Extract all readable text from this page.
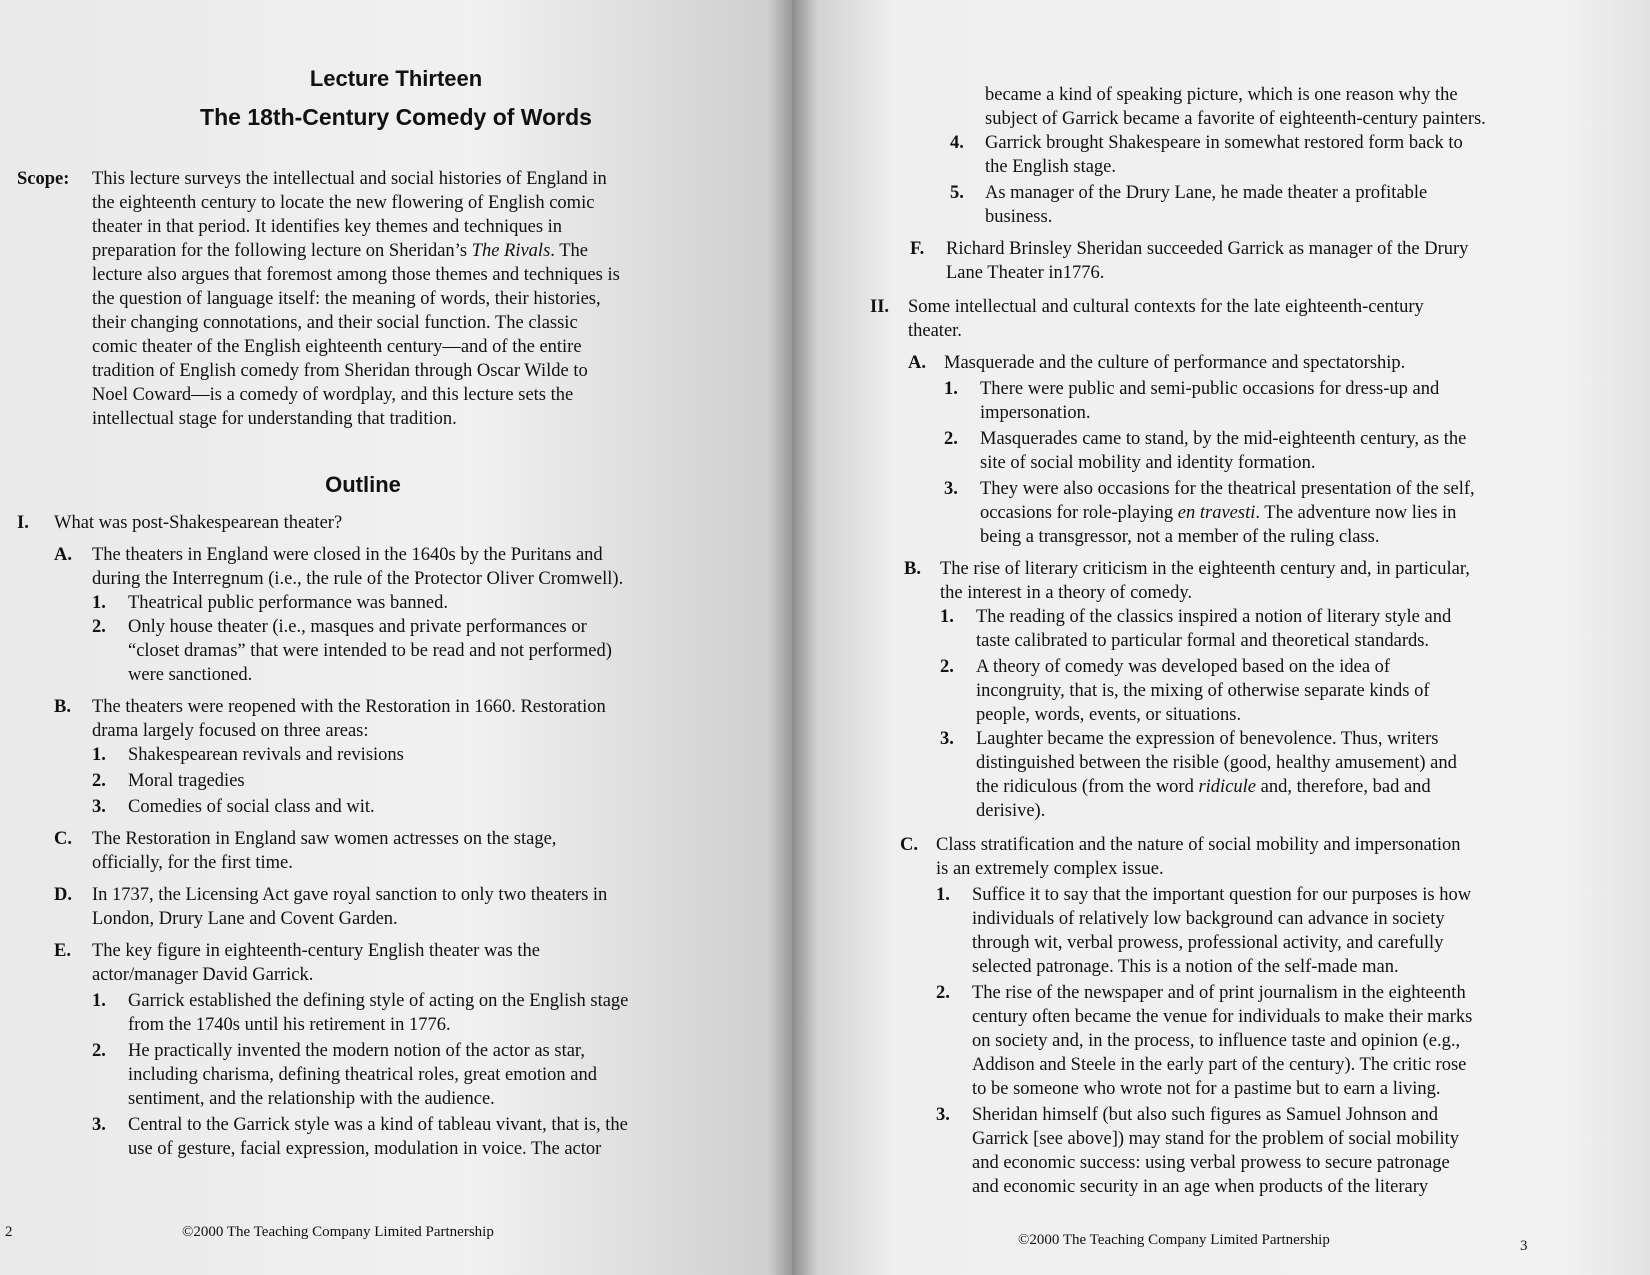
Lecture Thirteen
The 18th-Century Comedy of Words
Scope: This lecture surveys the intellectual and social histories of England in
the eighteenth century to locate the new flowering of English comic
theater in that period. It identifies key themes and techniques in
preparation for the following lecture on Sheridan’s The Rivals. The
lecture also argues that foremost among those themes and techniques is
the question of language itself: the meaning of words, their histories,
their changing connotations, and their social function. The classic
comic theater of the English eighteenth century—and of the entire
tradition of English comedy from Sheridan through Oscar Wilde to
Noel Coward—is a comedy of wordplay, and this lecture sets the
intellectual stage for understanding that tradition.
Outline
I. What was post-Shakespearean theater?
A. The theaters in England were closed in the 1640s by the Puritans and
during the Interregnum (i.e., the rule of the Protector Oliver Cromwell).
1. Theatrical public performance was banned.
2. Only house theater (i.e., masques and private performances or
“closet dramas” that were intended to be read and not performed)
were sanctioned.
B. The theaters were reopened with the Restoration in 1660. Restoration
drama largely focused on three areas:
1. Shakespearean revivals and revisions
2. Moral tragedies
3. Comedies of social class and wit.
C. The Restoration in England saw women actresses on the stage,
officially, for the first time.
D. In 1737, the Licensing Act gave royal sanction to only two theaters in
London, Drury Lane and Covent Garden.
E. The key figure in eighteenth-century English theater was the
actor/manager David Garrick.
1. Garrick established the defining style of acting on the English stage
from the 1740s until his retirement in 1776.
2. He practically invented the modern notion of the actor as star,
including charisma, defining theatrical roles, great emotion and
sentiment, and the relationship with the audience.
3. Central to the Garrick style was a kind of tableau vivant, that is, the
use of gesture, facial expression, modulation in voice. The actor
2	©2000 The Teaching Company Limited Partnership
became a kind of speaking picture, which is one reason why the
subject of Garrick became a favorite of eighteenth-century painters.
4. Garrick brought Shakespeare in somewhat restored form back to
the English stage.
5. As manager of the Drury Lane, he made theater a profitable
business.
F. Richard Brinsley Sheridan succeeded Garrick as manager of the Drury
Lane Theater in1776.
II. Some intellectual and cultural contexts for the late eighteenth-century
theater.
A. Masquerade and the culture of performance and spectatorship.
1. There were public and semi-public occasions for dress-up and
impersonation.
2. Masquerades came to stand, by the mid-eighteenth century, as the
site of social mobility and identity formation.
3. They were also occasions for the theatrical presentation of the self,
occasions for role-playing en travesti. The adventure now lies in
being a transgressor, not a member of the ruling class.
B. The rise of literary criticism in the eighteenth century and, in particular,
the interest in a theory of comedy.
1. The reading of the classics inspired a notion of literary style and
taste calibrated to particular formal and theoretical standards.
2. A theory of comedy was developed based on the idea of
incongruity, that is, the mixing of otherwise separate kinds of
people, words, events, or situations.
3. Laughter became the expression of benevolence. Thus, writers
distinguished between the risible (good, healthy amusement) and
the ridiculous (from the word ridicule and, therefore, bad and
derisive).
C. Class stratification and the nature of social mobility and impersonation
is an extremely complex issue.
1. Suffice it to say that the important question for our purposes is how
individuals of relatively low background can advance in society
through wit, verbal prowess, professional activity, and carefully
selected patronage. This is a notion of the self-made man.
2. The rise of the newspaper and of print journalism in the eighteenth
century often became the venue for individuals to make their marks
on society and, in the process, to influence taste and opinion (e.g.,
Addison and Steele in the early part of the century). The critic rose
to be someone who wrote not for a pastime but to earn a living.
3. Sheridan himself (but also such figures as Samuel Johnson and
Garrick [see above]) may stand for the problem of social mobility
and economic success: using verbal prowess to secure patronage
and economic security in an age when products of the literary
©2000 The Teaching Company Limited Partnership	3
